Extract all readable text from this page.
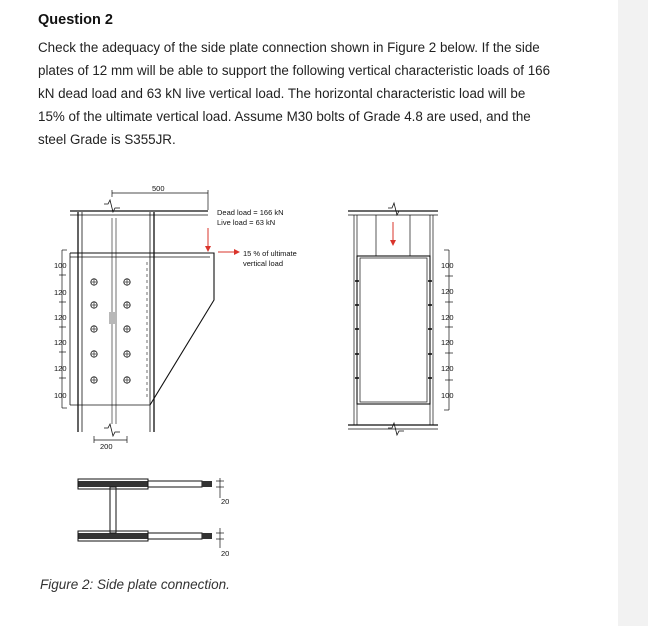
Question 2
Check the adequacy of the side plate connection shown in Figure 2 below. If the side
plates of 12 mm will be able to support the following vertical characteristic loads of 166
kN dead load and 63 kN live vertical load. The horizontal characteristic load will be
15% of the ultimate vertical load. Assume M30 bolts of Grade 4.8 are used, and the
steel Grade is S355JR.
500
100
120
120
120
120
100
200
Dead load = 166 kN
Live load = 63 kN
15 % of ultimate
vertical load	100
120
120
120
120
100
20
20
Figure 2: Side plate connection.
